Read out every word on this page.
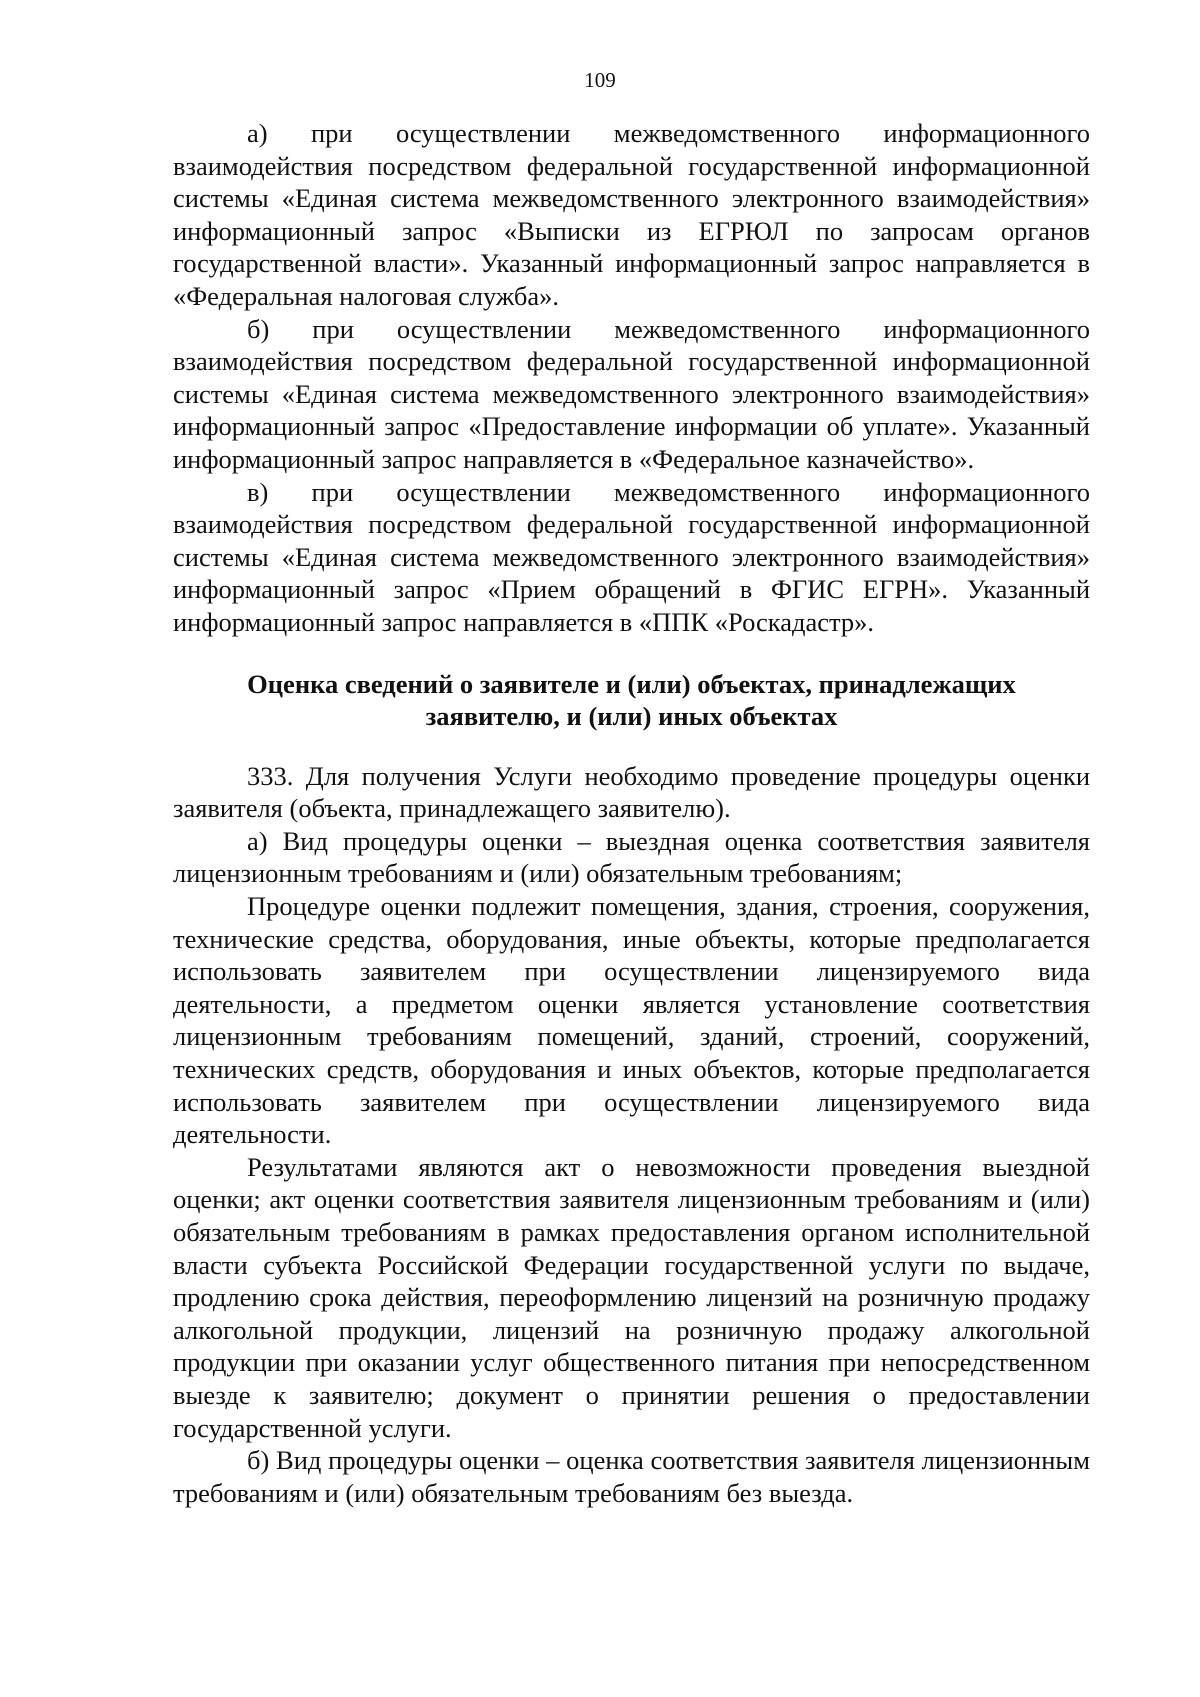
109

а) при осуществлении межведомственного информационного взаимодействия посредством федеральной государственной информационной системы «Единая система межведомственного электронного взаимодействия» информационный запрос «Выписки из ЕГРЮЛ по запросам органов государственной власти». Указанный информационный запрос направляется в «Федеральная налоговая служба».

б) при осуществлении межведомственного информационного взаимодействия посредством федеральной государственной информационной системы «Единая система межведомственного электронного взаимодействия» информационный запрос «Предоставление информации об уплате». Указанный информационный запрос направляется в «Федеральное казначейство».

в) при осуществлении межведомственного информационного взаимодействия посредством федеральной государственной информационной системы «Единая система межведомственного электронного взаимодействия» информационный запрос «Прием обращений в ФГИС ЕГРН». Указанный информационный запрос направляется в «ППК «Роскадастр».

Оценка сведений о заявителе и (или) объектах, принадлежащих
заявителю, и (или) иных объектах

333. Для получения Услуги необходимо проведение процедуры оценки заявителя (объекта, принадлежащего заявителю).

а) Вид процедуры оценки – выездная оценка соответствия заявителя лицензионным требованиям и (или) обязательным требованиям;

Процедуре оценки подлежит помещения, здания, строения, сооружения, технические средства, оборудования, иные объекты, которые предполагается использовать заявителем при осуществлении лицензируемого вида деятельности, а предметом оценки является установление соответствия лицензионным требованиям помещений, зданий, строений, сооружений, технических средств, оборудования и иных объектов, которые предполагается использовать заявителем при осуществлении лицензируемого вида деятельности.

Результатами являются акт о невозможности проведения выездной оценки; акт оценки соответствия заявителя лицензионным требованиям и (или) обязательным требованиям в рамках предоставления органом исполнительной власти субъекта Российской Федерации государственной услуги по выдаче, продлению срока действия, переоформлению лицензий на розничную продажу алкогольной продукции, лицензий на розничную продажу алкогольной продукции при оказании услуг общественного питания при непосредственном выезде к заявителю; документ о принятии решения о предоставлении государственной услуги.

б) Вид процедуры оценки – оценка соответствия заявителя лицензионным требованиям и (или) обязательным требованиям без выезда.
